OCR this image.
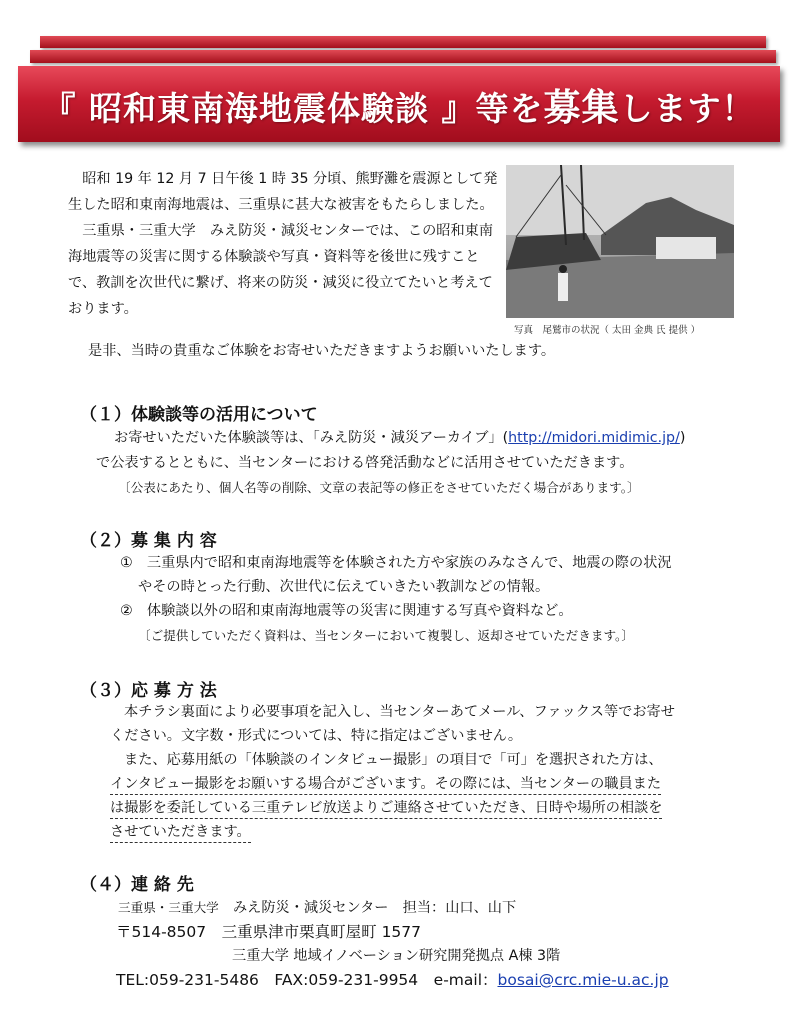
『 昭和東南海地震体験談 』等を募集します！

昭和 19 年 12 月 7 日午後 1 時 35 分頃、熊野灘を震源として発生した昭和東南海地震は、三重県に甚大な被害をもたらしました。

三重県・三重大学　みえ防災・減災センターでは、この昭和東南海地震等の災害に関する体験談や写真・資料等を後世に残すことで、教訓を次世代に繋げ、将来の防災・減災に役立てたいと考えております。

是非、当時の貴重なご体験をお寄せいただきますようお願いいたします。

写真　尾鷲市の状況（ 太田 金典 氏 提供 ）
（１）体験談等の活用について

お寄せいただいた体験談等は、「みえ防災・減災アーカイブ」(http://midori.midimic.jp/)

で公表するとともに、当センターにおける啓発活動などに活用させていただきます。

〔公表にあたり、個人名等の削除、文章の表記等の修正をさせていただく場合があります。〕

（２）募 集 内 容

①　三重県内で昭和東南海地震等を体験された方や家族のみなさんで、地震の際の状況

やその時とった行動、次世代に伝えていきたい教訓などの情報。

②　体験談以外の昭和東南海地震等の災害に関連する写真や資料など。

〔ご提供していただく資料は、当センターにおいて複製し、返却させていただきます。〕

（３）応 募 方 法

本チラシ裏面により必要事項を記入し、当センターあてメール、ファックス等でお寄せ

ください。文字数・形式については、特に指定はございません。

また、応募用紙の「体験談のインタビュー撮影」の項目で「可」を選択された方は、

インタビュー撮影をお願いする場合がございます。その際には、当センターの職員また

は撮影を委託している三重テレビ放送よりご連絡させていただき、日時や場所の相談を

させていただきます。

（４）連 絡 先

三重県・三重大学　 みえ防災・減災センター　担当：山口、山下

〒514-8507　 三重県津市栗真町屋町 1577

三重大学 地域イノベーション研究開発拠点 A棟 3階

TEL:059-231-5486　FAX:059-231-9954　e-mail：bosai@crc.mie-u.ac.jp
